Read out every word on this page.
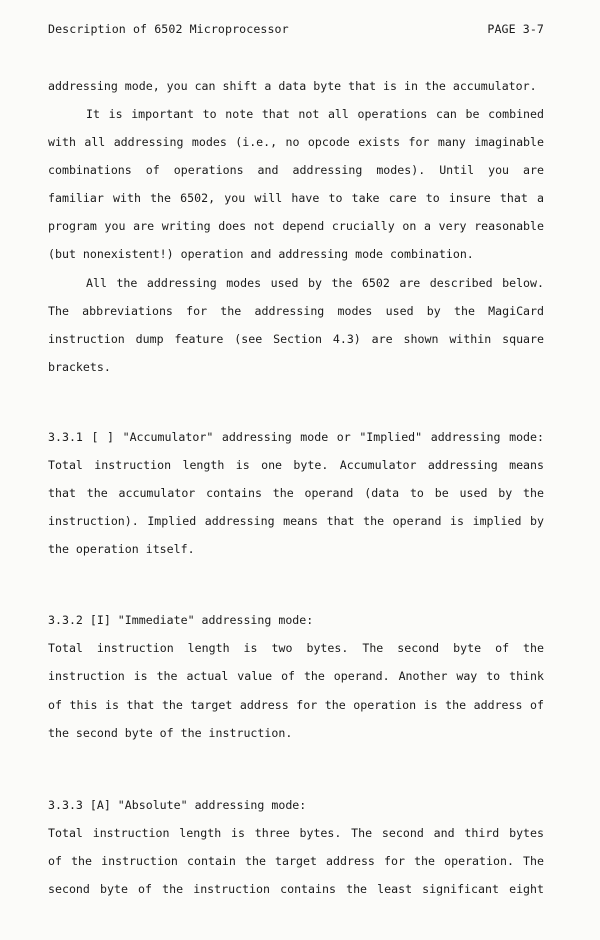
Description of 6502 Microprocessor	PAGE 3-7
addressing mode, you can shift a data byte that is in the accumulator.
It is important to note that not all operations can be combined
with all addressing modes (i.e., no opcode exists for many imaginable
combinations of operations and addressing modes). Until you are
familiar with the 6502, you will have to take care to insure that a
program you are writing does not depend crucially on a very reasonable
(but nonexistent!) operation and addressing mode combination.
All the addressing modes used by the 6502 are described below.
The abbreviations for the addressing modes used by the MagiCard
instruction dump feature (see Section 4.3) are shown within square
brackets.
3.3.1 [ ] "Accumulator" addressing mode or "Implied" addressing mode:
Total instruction length is one byte. Accumulator addressing means
that the accumulator contains the operand (data to be used by the
instruction). Implied addressing means that the operand is implied by
the operation itself.
3.3.2 [I] "Immediate" addressing mode:
Total instruction length is two bytes. The second byte of the
instruction is the actual value of the operand. Another way to think
of this is that the target address for the operation is the address of
the second byte of the instruction.
3.3.3 [A] "Absolute" addressing mode:
Total instruction length is three bytes. The second and third bytes
of the instruction contain the target address for the operation. The
second byte of the instruction contains the least significant eight
